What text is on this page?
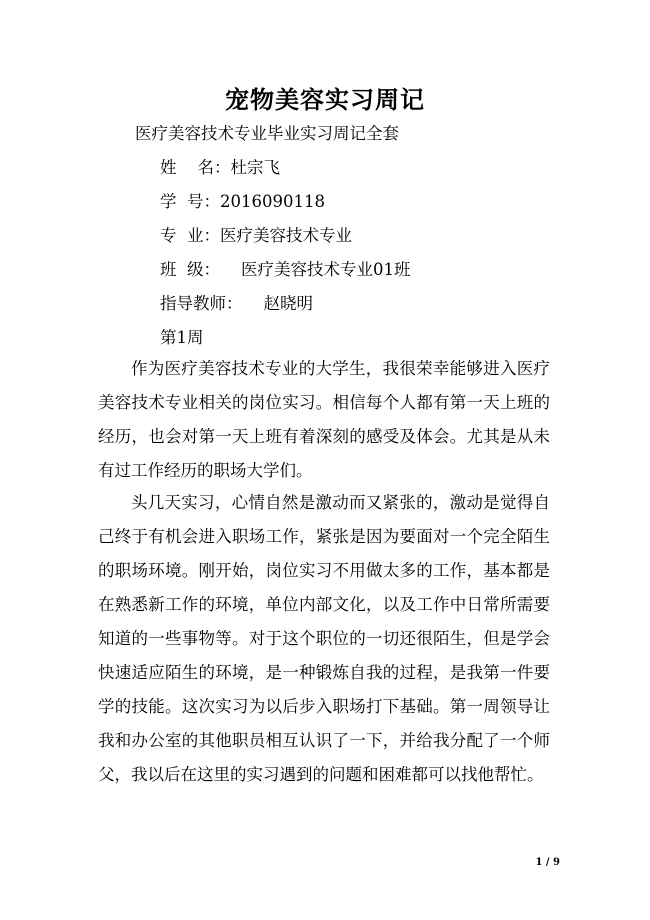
宠物美容实习周记
医疗美容技术专业毕业实习周记全套
姓    名：杜宗飞
学  号：2016090118
专  业：医疗美容技术专业
班  级：    医疗美容技术专业01班
指导教师：    赵晓明
第1周
作为医疗美容技术专业的大学生，我很荣幸能够进入医疗美容技术专业相关的岗位实习。相信每个人都有第一天上班的经历，也会对第一天上班有着深刻的感受及体会。尤其是从未有过工作经历的职场大学们。
头几天实习，心情自然是激动而又紧张的，激动是觉得自己终于有机会进入职场工作，紧张是因为要面对一个完全陌生的职场环境。刚开始，岗位实习不用做太多的工作，基本都是在熟悉新工作的环境，单位内部文化，以及工作中日常所需要知道的一些事物等。对于这个职位的一切还很陌生，但是学会快速适应陌生的环境，是一种锻炼自我的过程，是我第一件要学的技能。这次实习为以后步入职场打下基础。第一周领导让我和办公室的其他职员相互认识了一下，并给我分配了一个师父，我以后在这里的实习遇到的问题和困难都可以找他帮忙。
1 / 9
